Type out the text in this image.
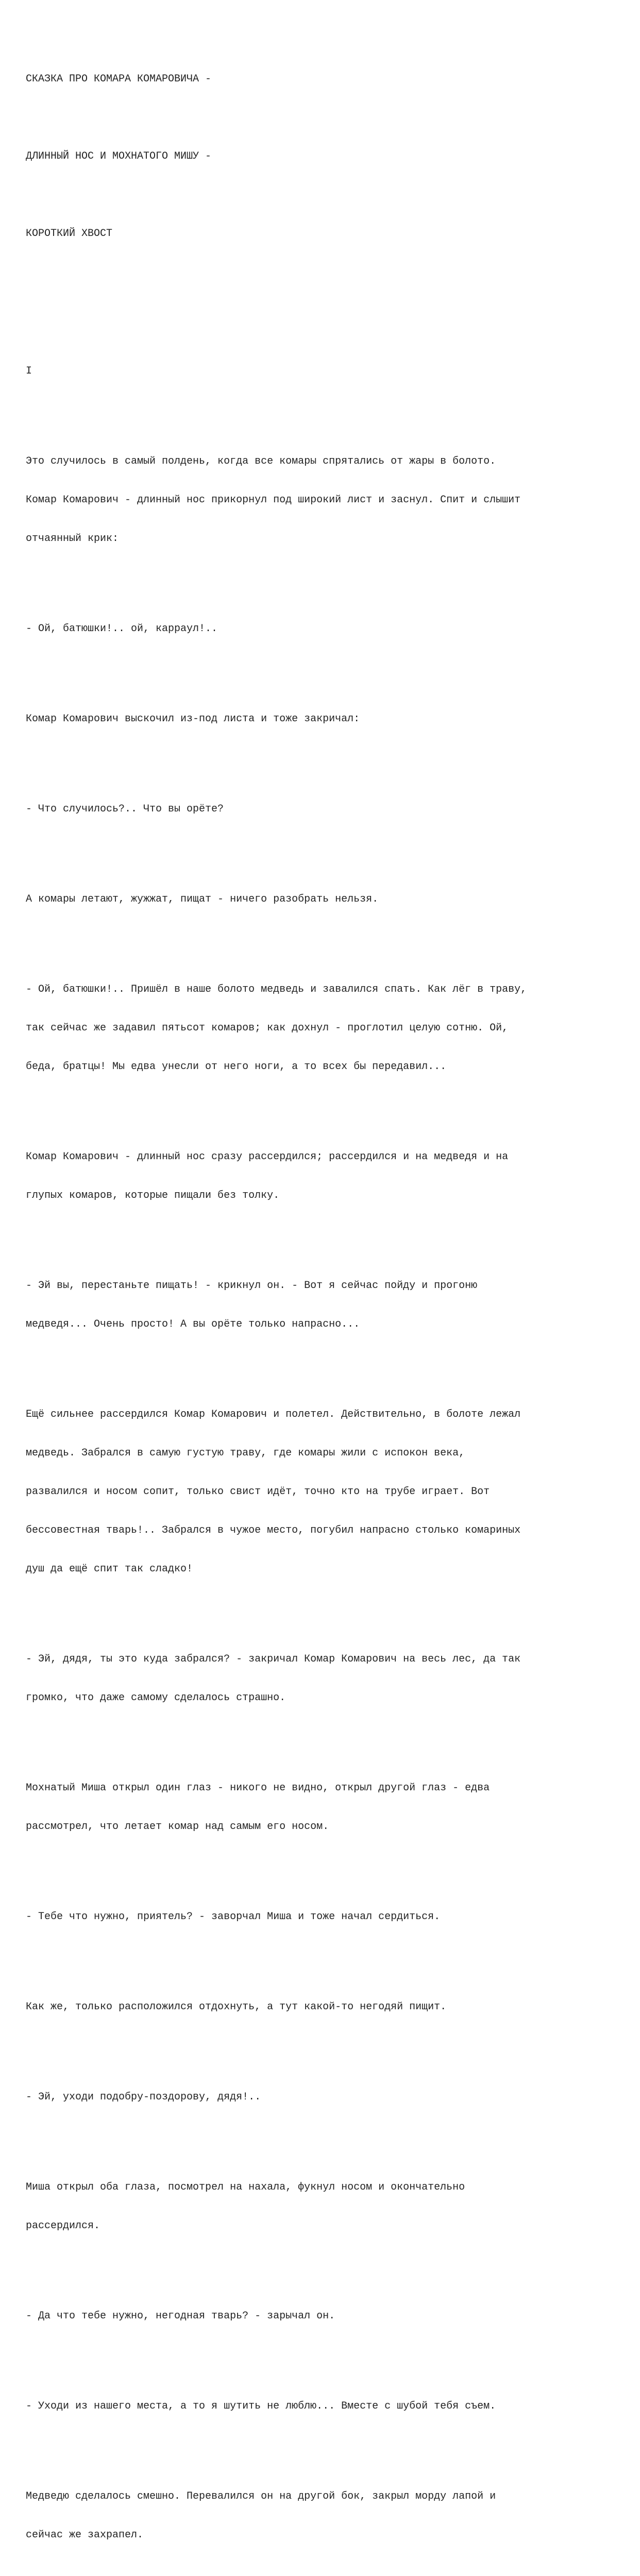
СКАЗКА ПРО КОМАРА КОМАРОВИЧА -

ДЛИННЫЙ НОС И МОХНАТОГО МИШУ -

КОРОТКИЙ ХВОСТ

I

Это случилось в самый полдень, когда все комары спрятались от жары в болото.

Комар Комарович - длинный нос прикорнул под широкий лист и заснул. Спит и слышит

отчаянный крик:

- Ой, батюшки!.. ой, карраул!..

Комар Комарович выскочил из-под листа и тоже закричал:

- Что случилось?.. Что вы орёте?

А комары летают, жужжат, пищат - ничего разобрать нельзя.

- Ой, батюшки!.. Пришёл в наше болото медведь и завалился спать. Как лёг в траву,

так сейчас же задавил пятьсот комаров; как дохнул - проглотил целую сотню. Ой,

беда, братцы! Мы едва унесли от него ноги, а то всех бы передавил...

Комар Комарович - длинный нос сразу рассердился; рассердился и на медведя и на

глупых комаров, которые пищали без толку.

- Эй вы, перестаньте пищать! - крикнул он. - Вот я сейчас пойду и прогоню

медведя... Очень просто! А вы орёте только напрасно...

Ещё сильнее рассердился Комар Комарович и полетел. Действительно, в болоте лежал

медведь. Забрался в самую густую траву, где комары жили с испокон века,

развалился и носом сопит, только свист идёт, точно кто на трубе играет. Вот

бессовестная тварь!.. Забрался в чужое место, погубил напрасно столько комариных

душ да ещё спит так сладко!

- Эй, дядя, ты это куда забрался? - закричал Комар Комарович на весь лес, да так

громко, что даже самому сделалось страшно.

Мохнатый Миша открыл один глаз - никого не видно, открыл другой глаз - едва

рассмотрел, что летает комар над самым его носом.

- Тебе что нужно, приятель? - заворчал Миша и тоже начал сердиться.

Как же, только расположился отдохнуть, а тут какой-то негодяй пищит.

- Эй, уходи подобру-поздорову, дядя!..

Миша открыл оба глаза, посмотрел на нахала, фукнул носом и окончательно

рассердился.

- Да что тебе нужно, негодная тварь? - зарычал он.

- Уходи из нашего места, а то я шутить не люблю... Вместе с шубой тебя съем.

Медведю сделалось смешно. Перевалился он на другой бок, закрыл морду лапой и

сейчас же захрапел.
